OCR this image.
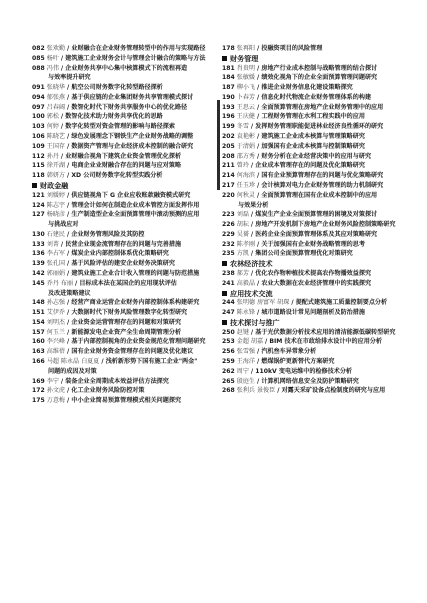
082 张欢勤 / 业财融合在企业财务管理转型中的作用与实现路径
085 杨叶 / 建筑施工企业财务会计与管理会计融合的策略与方法
088 冯伟 / 企业财务共享中心集中核算模式下的流程再造
与效率提升研究
091 张晓华 / 航空公司财务数字化转型路径探析
094 郁张燕 / 基于供应链的企业集团财务共享管理模式探讨
097 吕春阔 / 数智化时代下财务共享服务中心的优化路径
100 郭松 / 数智化技术助力财务共享优化的思路
103 何婷 / 数字化转型对资金管理的影响与路径探索
106 陈晓艺 / 绿色发展理念下钢铁生产企业财务战略的调整
109 王国存 / 数据资产管理与企业经济成本控制的融合研究
112 孙丹 / 业财融合视角下建筑企业资金管理优化探析
115 徐开湖 / 电商企业业财融合存在的问题与应对策略
118 韩妍方 / XD 公司财务数字化转型实践分析
财政金融
121 刘媛婷 / 供应链视角下 G 企业应收账款融资模式研究
124 陈志宇 / 管理会计如何在制造企业成本管控方面发挥作用
127 杨晓彦 / 生产制造型企业全面预算管理中滚动预测的应用
与挑战应对
130 石建民 / 企业财务管理风险及其防控
133 刘菁 / 民营企业现金流管理存在的问题与完善措施
136 李占军 / 煤炭企业内部控制体系优化策略研究
139 张孔国 / 基于风险评估的建安企业财务决策研究
142 郭丽娟 / 建筑业施工企业合计收入管理的问题与防范措施
145 乔丹 布丽 / 目标成本法在某国企的应用现状评估
及改进策略建议
148 孙志强 / 经营产商业运营企业财务内部控制体系构建研究
151 艾伊乔 / 大数据时代下财务风险管理数字化转型研究
154 刘明杰 / 企业资金运营管理存在的问题和对策研究
157 何玉兰 / 新能源发电企业资产全生命周期管理分析
160 李兴峰 / 基于内部控制视角的企业资金规范化管理问题研究
163 高维蓓 / 国有企业财务资金管理存在的问题及优化建议
166 马超 陈永晶 白夏夏 / 浅析新形势下国有施工企业"两金"
问题的成因及对策
169 李宁 / 装备企业全周期成本效益评估方法探究
172 孙文虎 / 化工企业财务风险防控对策
175 万意梅 / 中小企业简易预算管理模式相关问题探究
178 张再阳 / 投融资项目的风险管理
财务管理
181 肖贵明 / 房地产行业成本控制与战略管理的结合探讨
184 张敏媛 / 绩效化视角下的企业全面预算管理问题研究
187 柳小飞 / 推进企业财务信息化建设策略探究
190 卜春芳 / 信息化时代物流企业财务管理体系的构建
193 王思云 / 全面预算管理在房地产企业财务管理中的应用
196 王庆健 / 工程财务管理在水利工程实践中的应用
199 冬雪 / 发挥财务管理职能促进林业经济良性循环的研究
202 袁艳彬 / 建筑施工企业成本核算与管理策略研究
205 于清娟 / 加强国有企业成本核算与控制策略研究
208 邵方秀 / 财务分析在企业经营决策中的应用与研究
211 曾玲 / 企业成本管理存在的问题及优化策略研究
214 何海滨 / 国有企业预算管理存在的问题与优化策略研究
217 任玉珍 / 会计核算对电力企业财务管理的助力机制研究
220 何秋灵 / 全面预算管理在国有企业成本控制中的应用
与效果分析
223 刘磊 / 煤炭生产企业全面预算管理的困境及对策探讨
226 胡耘 / 房地产开发机制下房地产企业财务风险控制策略研究
229 吴赟 / 医药企业全面预算管理体系及其应对策略研究
232 陈孝刚 / 关于加强国有企业财务战略管理的思考
235 方凯 / 集团公司全面预算管理优化对策研究
农林经济技术
238 郝芳 / 优化农作物种植技术提高农作物播效益探究
241 高毅晶 / 农业大数据在农业经济管理中的实践探究
应用技术交流
244 张明德 房富军 胡琛 / 提配式建筑施工质量控制要点分析
247 陈永锋 / 城市道路设计常见问题剖析及防治措施
技术探讨与推广
250 赵键 / 基于光伏数据分析技术应用的清洁能源低碳转型研究
253 金超 胡嘉 / BIM 技术在市政给排水设计中的应用分析
256 张雪强 / 汽机叁车异常象分析
259 王海洋 / 燃煤锅炉更新替代方案研究
262 周宁 / 110kV 变电运维中的检修技术分析
265 殷庭生 / 计算机网络信息安全及防护策略研究
268 张利兵 景俊臣 / 对露天采矿设备点检制度的研究与应用
